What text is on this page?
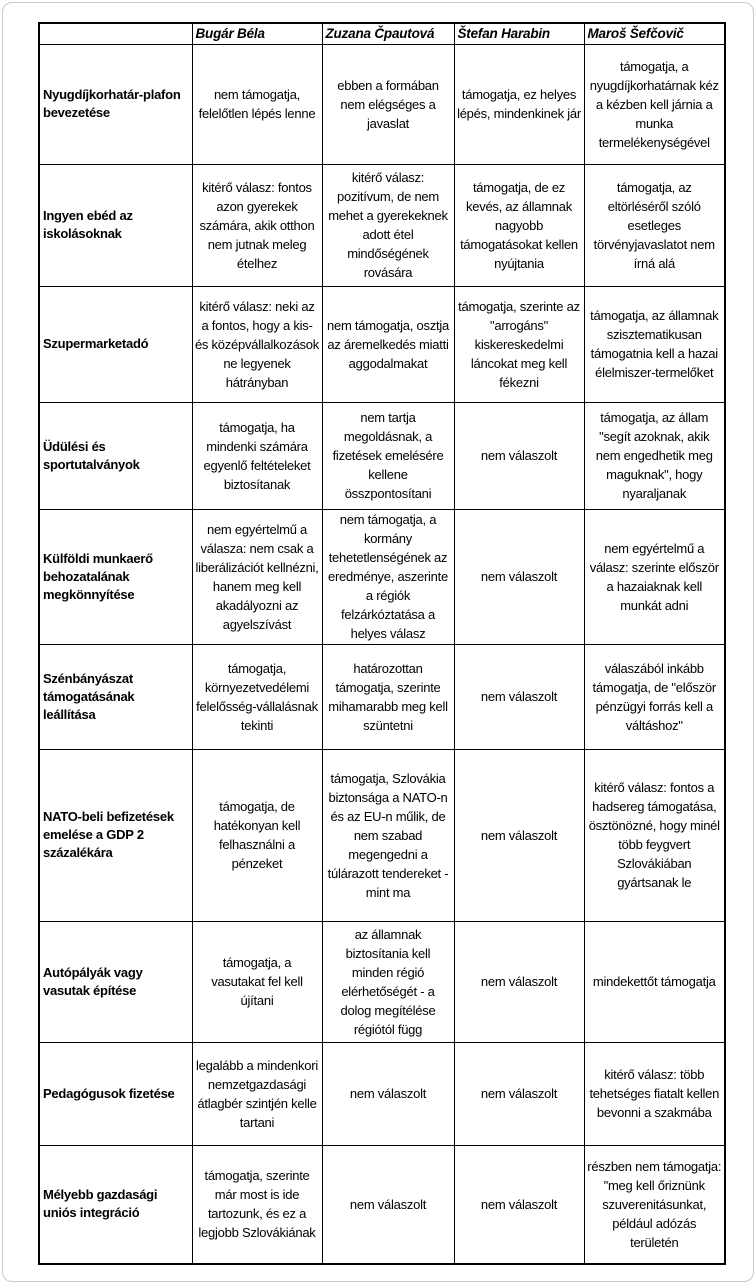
	Bugár Béla	Zuzana Čpautová	Štefan Harabin	Maroš Šefčovič
Nyugdíjkorhatár-plafon bevezetése	nem támogatja, felelőtlen lépés lenne	ebben a formában nem elégséges a javaslat	támogatja, ez helyes lépés, mindenkinek jár	támogatja, a nyugdíjkorhatárnak kéz a kézben kell járnia a munka termelékenységével
Ingyen ebéd az iskolásoknak	kitérő válasz: fontos azon gyerekek számára, akik otthon nem jutnak meleg ételhez	kitérő válasz: pozitívum, de nem mehet a gyerekeknek adott étel mindőségének rovására	támogatja, de ez kevés, az államnak nagyobb támogatásokat kellen nyújtania	támogatja, az eltörléséről szóló esetleges törvényjavaslatot nem írná alá
Szupermarketadó	kitérő válasz: neki az a fontos, hogy a kis- és középvállalkozások ne legyenek hátrányban	nem támogatja, osztja az áremelkedés miatti aggodalmakat	támogatja, szerinte az "arrogáns" kiskereskedelmi láncokat meg kell fékezni	támogatja, az államnak szisztematikusan támogatnia kell a hazai élelmiszer-termelőket
Üdülési és sportutalványok	támogatja, ha mindenki számára egyenlő feltételeket biztosítanak	nem tartja megoldásnak, a fizetések emelésére kellene összpontosítani	nem válaszolt	támogatja, az állam "segít azoknak, akik nem engedhetik meg maguknak", hogy nyaraljanak
Külföldi munkaerő behozatalának megkönnyítése	nem egyértelmű a válasza: nem csak a liberálizációt kellnézni, hanem meg kell akadályozni az agyelszívást	nem támogatja, a kormány tehetetlenségének az eredménye, aszerinte a régiók felzárkóztatása a helyes válasz	nem válaszolt	nem egyértelmű a válasz: szerinte először a hazaiaknak kell munkát adni
Szénbányászat támogatásának leállítása	támogatja, környezetvedélemi felelősség-vállalásnak tekinti	határozottan támogatja, szerinte mihamarabb meg kell szüntetni	nem válaszolt	válaszából inkább támogatja, de "először pénzügyi forrás kell a váltáshoz"
NATO-beli befizetések emelése a GDP 2 százalékára	támogatja, de hatékonyan kell felhasználni a pénzeket	támogatja, Szlovákia biztonsága a NATO-n és az EU-n műlik, de nem szabad megengedni a túlárazott tendereket - mint ma	nem válaszolt	kitérő válasz: fontos a hadsereg támogatása, ösztönözné, hogy minél több feygvert Szlovákiában gyártsanak le
Autópályák vagy vasutak építése	támogatja, a vasutakat fel kell újítani	az államnak biztosítania kell minden régió elérhetőségét - a dolog megítélése régiótól függ	nem válaszolt	mindekettőt támogatja
Pedagógusok fizetése	legalább a mindenkori nemzetgazdasági átlagbér szintjén kelle tartani	nem válaszolt	nem válaszolt	kitérő válasz: több tehetséges fiatalt kellen bevonni a szakmába
Mélyebb gazdasági uniós integráció	támogatja, szerinte már most is ide tartozunk, és ez a legjobb Szlovákiának	nem válaszolt	nem válaszolt	részben nem támogatja: "meg kell őriznünk szuverenitásunkat, például adózás területén
